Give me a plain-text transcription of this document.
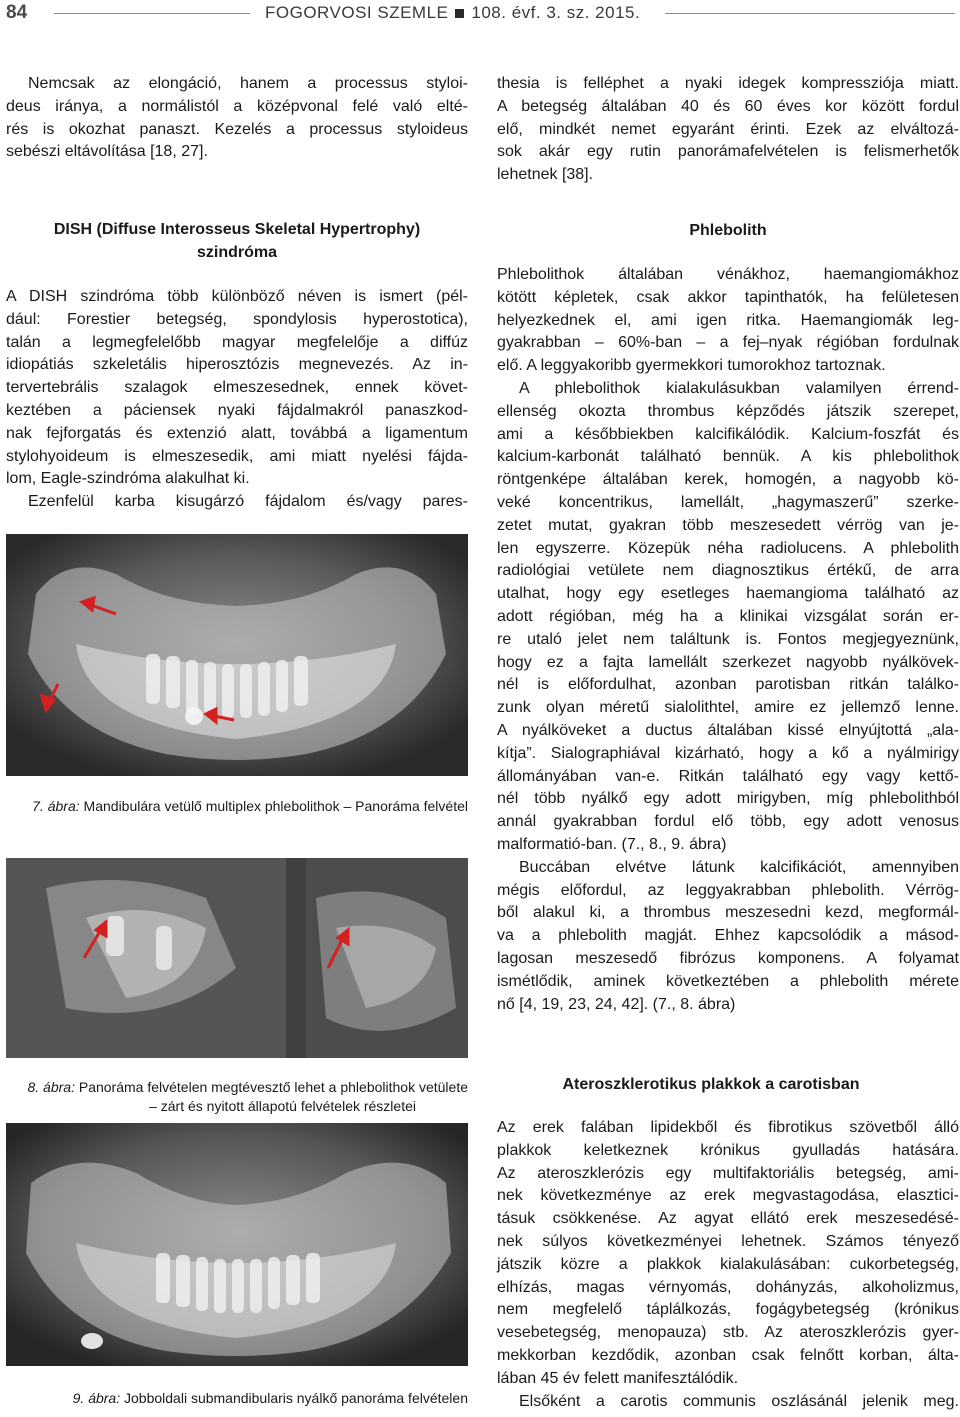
84	FOGORVOSI SZEMLE 108. évf. 3. sz. 2015.
Nemcsak az elongáció, hanem a processus styloi-
deus iránya, a normálistól a középvonal felé való elté-
rés is okozhat panaszt. Kezelés a processus styloideus
sebészi eltávolítása [18, 27].
DISH (Diffuse Interosseus Skeletal Hypertrophy)
szindróma
A DISH szindróma több különböző néven is ismert (pél-
dául: Forestier betegség, spondylosis hyperostotica),
talán a legmegfelelőbb magyar megfelelője a diffúz
idiopátiás szkeletális hiperosztózis megnevezés. Az in-
tervertebrális szalagok elmeszesednek, ennek követ-
keztében a páciensek nyaki fájdalmakról panaszkod-
nak fejforgatás és extenzió alatt, továbbá a ligamentum
stylohyoideum is elmeszesedik, ami miatt nyelési fájda-
lom, Eagle-szindróma alakulhat ki.
Ezenfelül karba kisugárzó fájdalom és/vagy pares-
7. ábra: Mandibulára vetülő multiplex phlebolithok – Panoráma felvétel
8. ábra: Panoráma felvételen megtévesztő lehet a phlebolithok vetülete
– zárt és nyitott állapotú felvételek részletei
9. ábra: Jobboldali submandibularis nyálkő panoráma felvételen
thesia is felléphet a nyaki idegek kompressziója miatt.
A betegség általában 40 és 60 éves kor között fordul
elő, mindkét nemet egyaránt érinti. Ezek az elváltozá-
sok akár egy rutin panorámafelvételen is felismerhetők
lehetnek [38].
Phlebolith
Phlebolithok általában vénákhoz, haemangiomákhoz
kötött képletek, csak akkor tapinthatók, ha felületesen
helyezkednek el, ami igen ritka. Haemangiomák leg-
gyakrabban – 60%-ban – a fej–nyak régióban fordulnak
elő. A leggyakoribb gyermekkori tumorokhoz tartoznak.
A phlebolithok kialakulásukban valamilyen érrend-
ellenség okozta thrombus képződés játszik szerepet,
ami a későbbiekben kalcifikálódik. Kalcium-foszfát és
kalcium-karbonát található bennük. A kis phlebolithok
röntgenképe általában kerek, homogén, a nagyobb kö-
veké koncentrikus, lamellált, „hagymaszerű” szerke-
zetet mutat, gyakran több meszesedett vérrög van je-
len egyszerre. Közepük néha radiolucens. A phlebolith
radiológiai vetülete nem diagnosztikus értékű, de arra
utalhat, hogy egy esetleges haemangioma található az
adott régióban, még ha a klinikai vizsgálat során er-
re utaló jelet nem találtunk is. Fontos megjegyeznünk,
hogy ez a fajta lamellált szerkezet nagyobb nyálkövek-
nél is előfordulhat, azonban parotisban ritkán találko-
zunk olyan méretű sialolithtel, amire ez jellemző lenne.
A nyálköveket a ductus általában kissé elnyújtottá „ala-
kítja”. Sialographiával kizárható, hogy a kő a nyálmirigy
állományában van-e. Ritkán található egy vagy kettő-
nél több nyálkő egy adott mirigyben, míg phlebolithból
annál gyakrabban fordul elő több, egy adott venosus
malformatió-ban. (7., 8., 9. ábra)
Buccában elvétve látunk kalcifikációt, amennyiben
mégis előfordul, az leggyakrabban phlebolith. Vérrög-
ből alakul ki, a thrombus meszesedni kezd, megformál-
va a phlebolith magját. Ehhez kapcsolódik a másod-
lagosan meszesedő fibrózus komponens. A folyamat
ismétlődik, aminek következtében a phlebolith mérete
nő [4, 19, 23, 24, 42]. (7., 8. ábra)
Ateroszklerotikus plakkok a carotisban
Az erek falában lipidekből és fibrotikus szövetből álló
plakkok keletkeznek krónikus gyulladás hatására.
Az ateroszklerózis egy multifaktoriális betegség, ami-
nek következménye az erek megvastagodása, elasztici-
tásuk csökkenése. Az agyat ellátó erek meszesedésé-
nek súlyos következményei lehetnek. Számos tényező
játszik közre a plakkok kialakulásában: cukorbetegség,
elhízás, magas vérnyomás, dohányzás, alkoholizmus,
nem megfelelő táplálkozás, fogágybetegség (krónikus
vesebetegség, menopauza) stb. Az ateroszklerózis gyer-
mekkorban kezdődik, azonban csak felnőtt korban, álta-
lában 45 év felett manifesztálódik.
Elsőként a carotis communis oszlásánál jelenik meg.
